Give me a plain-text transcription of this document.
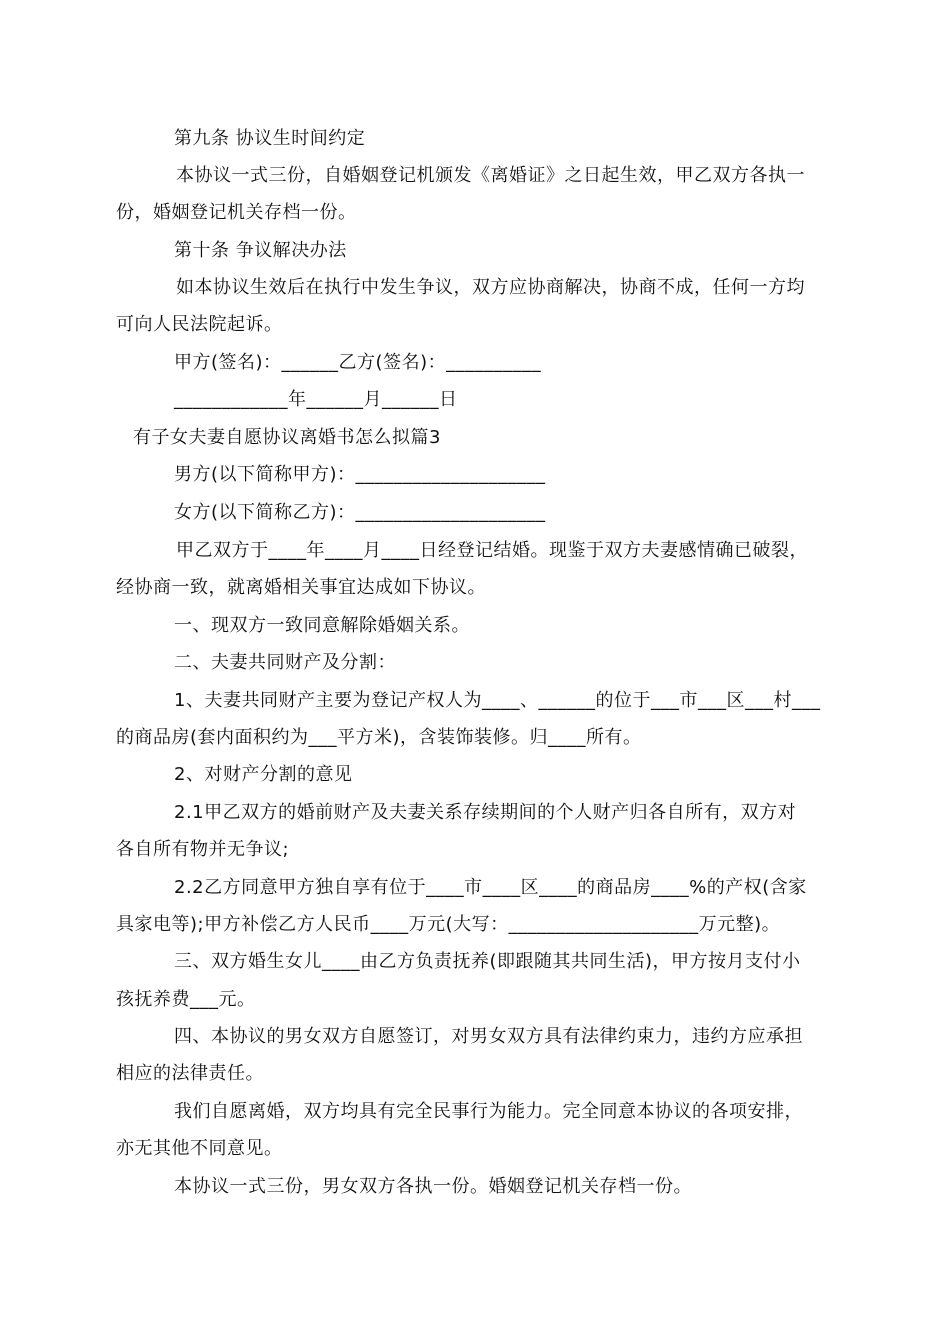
第九条 协议生时间约定
本协议一式三份，自婚姻登记机颁发《离婚证》之日起生效，甲乙双方各执一
份，婚姻登记机关存档一份。
第十条 争议解决办法
如本协议生效后在执行中发生争议，双方应协商解决，协商不成，任何一方均
可向人民法院起诉。
甲方(签名)：______乙方(签名)：__________
____________年______月______日
有子女夫妻自愿协议离婚书怎么拟篇3
男方(以下简称甲方)：____________________
女方(以下简称乙方)：____________________
甲乙双方于____年____月____日经登记结婚。现鉴于双方夫妻感情确已破裂，
经协商一致，就离婚相关事宜达成如下协议。
一、现双方一致同意解除婚姻关系。
二、夫妻共同财产及分割：
1、夫妻共同财产主要为登记产权人为____、______的位于___市___区___村___
的商品房(套内面积约为___平方米)，含装饰装修。归____所有。
2、对财产分割的意见
2.1甲乙双方的婚前财产及夫妻关系存续期间的个人财产归各自所有，双方对
各自所有物并无争议;
2.2乙方同意甲方独自享有位于____市____区____的商品房____%的产权(含家
具家电等);甲方补偿乙方人民币____万元(大写：____________________万元整)。
三、双方婚生女儿____由乙方负责抚养(即跟随其共同生活)，甲方按月支付小
孩抚养费___元。
四、本协议的男女双方自愿签订，对男女双方具有法律约束力，违约方应承担
相应的法律责任。
我们自愿离婚，双方均具有完全民事行为能力。完全同意本协议的各项安排，
亦无其他不同意见。
本协议一式三份，男女双方各执一份。婚姻登记机关存档一份。
